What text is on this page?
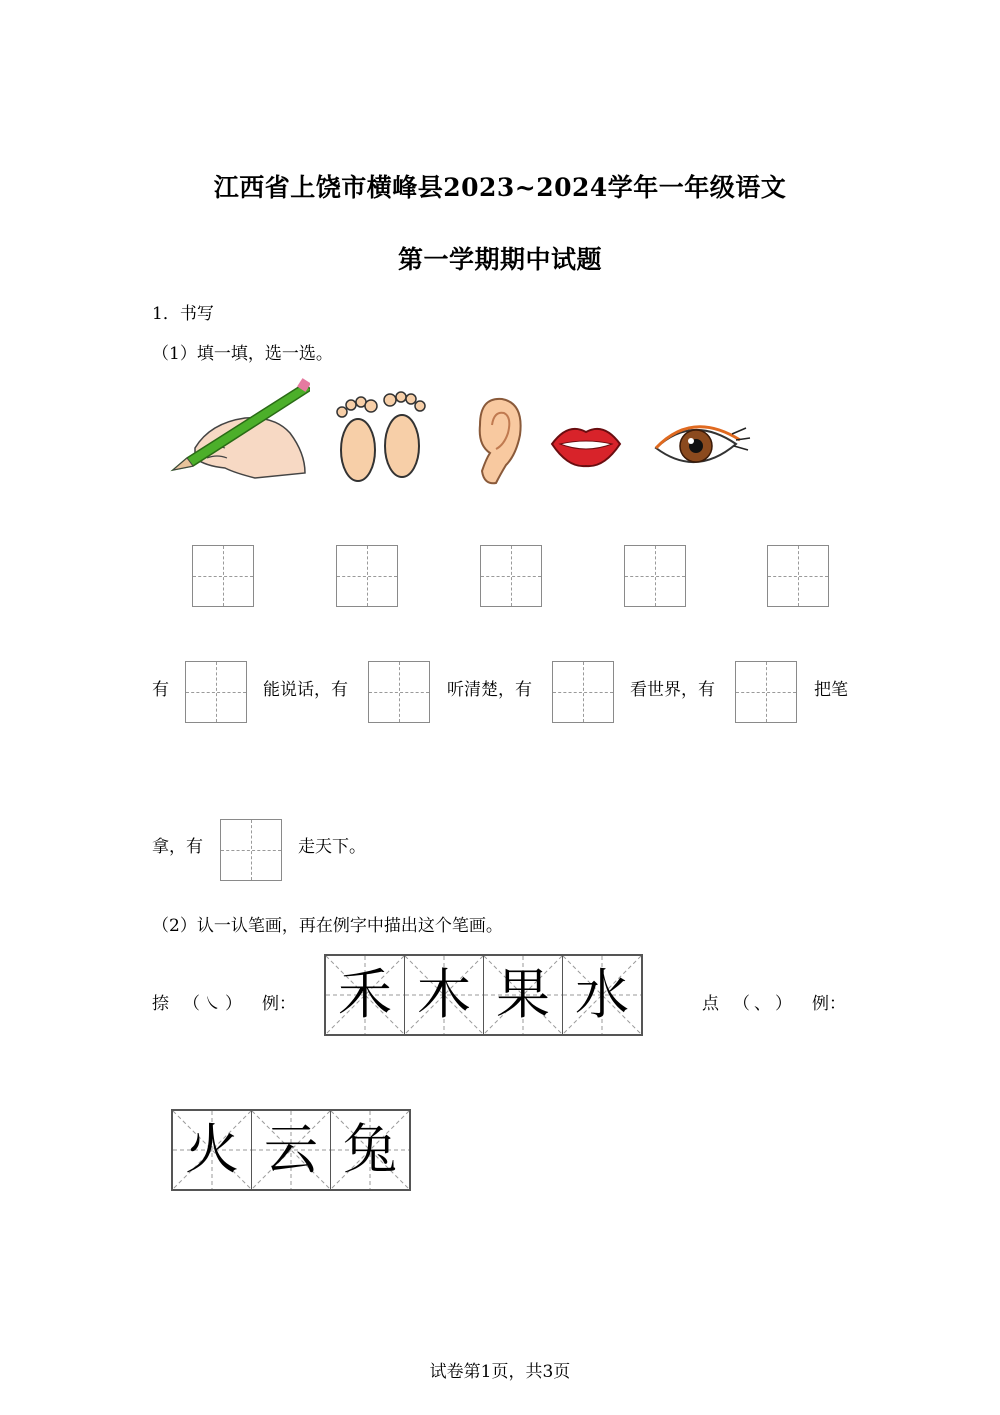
江西省上饶市横峰县2023~2024学年一年级语文
第一学期期中试题
1．书写
（1）填一填，选一选。
有	能说话，有	听清楚，有	看世界，有	把笔
拿，有	走天下。
（2）认一认笔画，再在例字中描出这个笔画。
捺 （ ㇏ ） 例： 禾 木 果 水	点 （ 、 ） 例：
火 云 兔
试卷第1页，共3页
